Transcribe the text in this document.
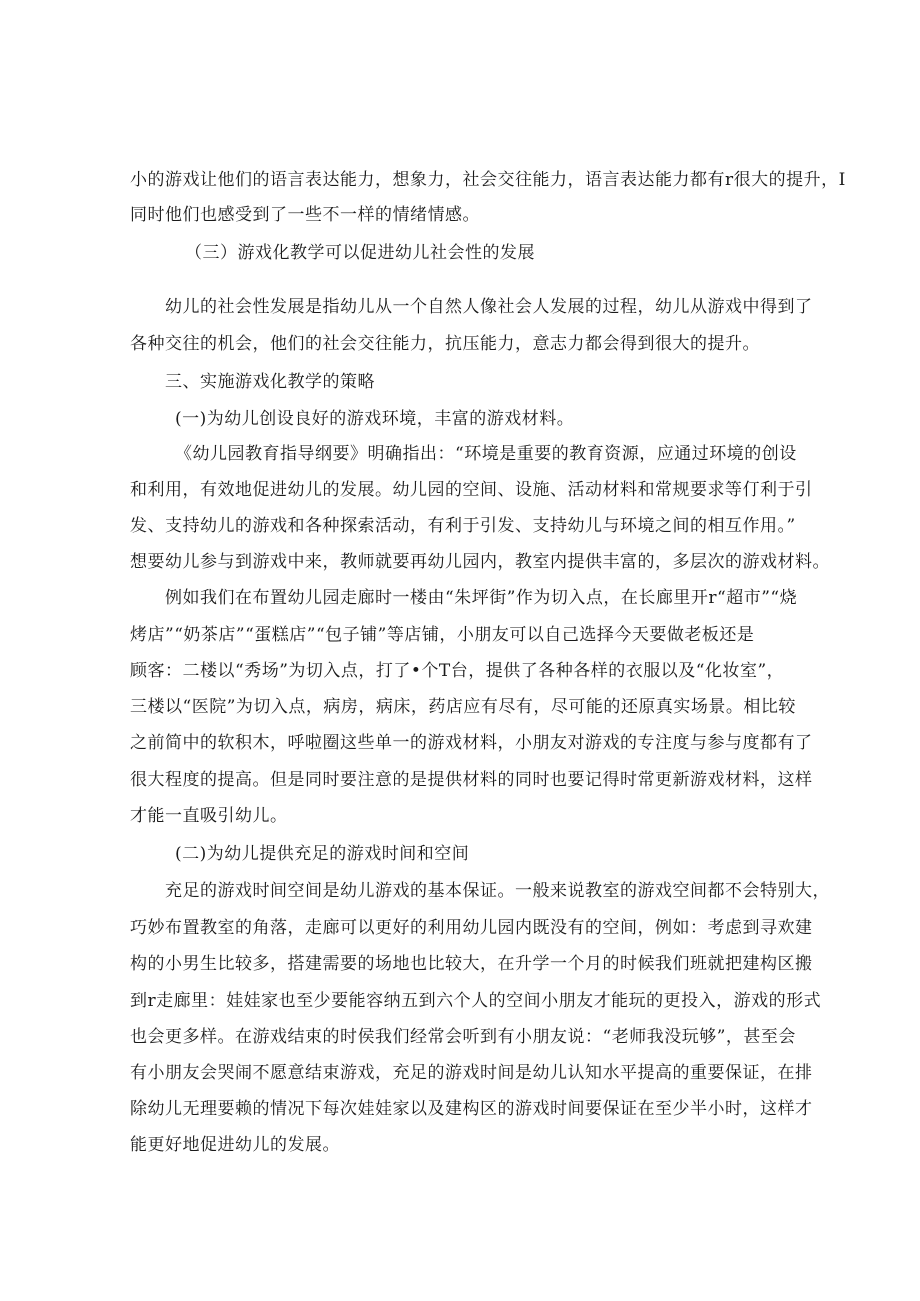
小的游戏让他们的语言表达能力，想象力，社会交往能力，语言表达能力都有r很大的提升，I
同时他们也感受到了一些不一样的情绪情感。
（三）游戏化教学可以促进幼儿社会性的发展
幼儿的社会性发展是指幼儿从一个自然人像社会人发展的过程，幼儿从游戏中得到了
各种交往的机会，他们的社会交往能力，抗压能力，意志力都会得到很大的提升。
三、实施游戏化教学的策略
(一)为幼儿创设良好的游戏环境，丰富的游戏材料。
《幼儿园教育指导纲要》明确指出：“环境是重要的教育资源，应通过环境的创设
和利用，有效地促进幼儿的发展。幼儿园的空间、设施、活动材料和常规要求等仃利于引
发、支持幼儿的游戏和各种探索活动，有利于引发、支持幼儿与环境之间的相互作用。”
想要幼儿参与到游戏中来，教师就要再幼儿园内，教室内提供丰富的，多层次的游戏材料。
例如我们在布置幼儿园走廊时一楼由“朱坪街”作为切入点，在长廊里开r“超市”“烧
烤店”“奶茶店”“蛋糕店”“包子铺”等店铺，小朋友可以自己选择今天要做老板还是
顾客：二楼以“秀场”为切入点，打了•个T台，提供了各种各样的衣服以及“化妆室”，
三楼以“医院”为切入点，病房，病床，药店应有尽有，尽可能的还原真实场景。相比较
之前简中的软积木，呼啦圈这些单一的游戏材料，小朋友对游戏的专注度与参与度都有了
很大程度的提高。但是同时要注意的是提供材料的同时也要记得时常更新游戏材料，这样
才能一直吸引幼儿。
(二)为幼儿提供充足的游戏时间和空间
充足的游戏时间空间是幼儿游戏的基本保证。一般来说教室的游戏空间都不会特别大，
巧妙布置教室的角落，走廊可以更好的利用幼儿园内既没有的空间，例如：考虑到寻欢建
构的小男生比较多，搭建需要的场地也比较大，在升学一个月的时候我们班就把建构区搬
到r走廊里：娃娃家也至少要能容纳五到六个人的空间小朋友才能玩的更投入，游戏的形式
也会更多样。在游戏结束的时侯我们经常会听到有小朋友说：“老师我没玩够”，甚至会
有小朋友会哭闹不愿意结束游戏，充足的游戏时间是幼儿认知水平提高的重要保证，在排
除幼儿无理要赖的情况下每次娃娃家以及建构区的游戏时间要保证在至少半小时，这样才
能更好地促进幼儿的发展。
